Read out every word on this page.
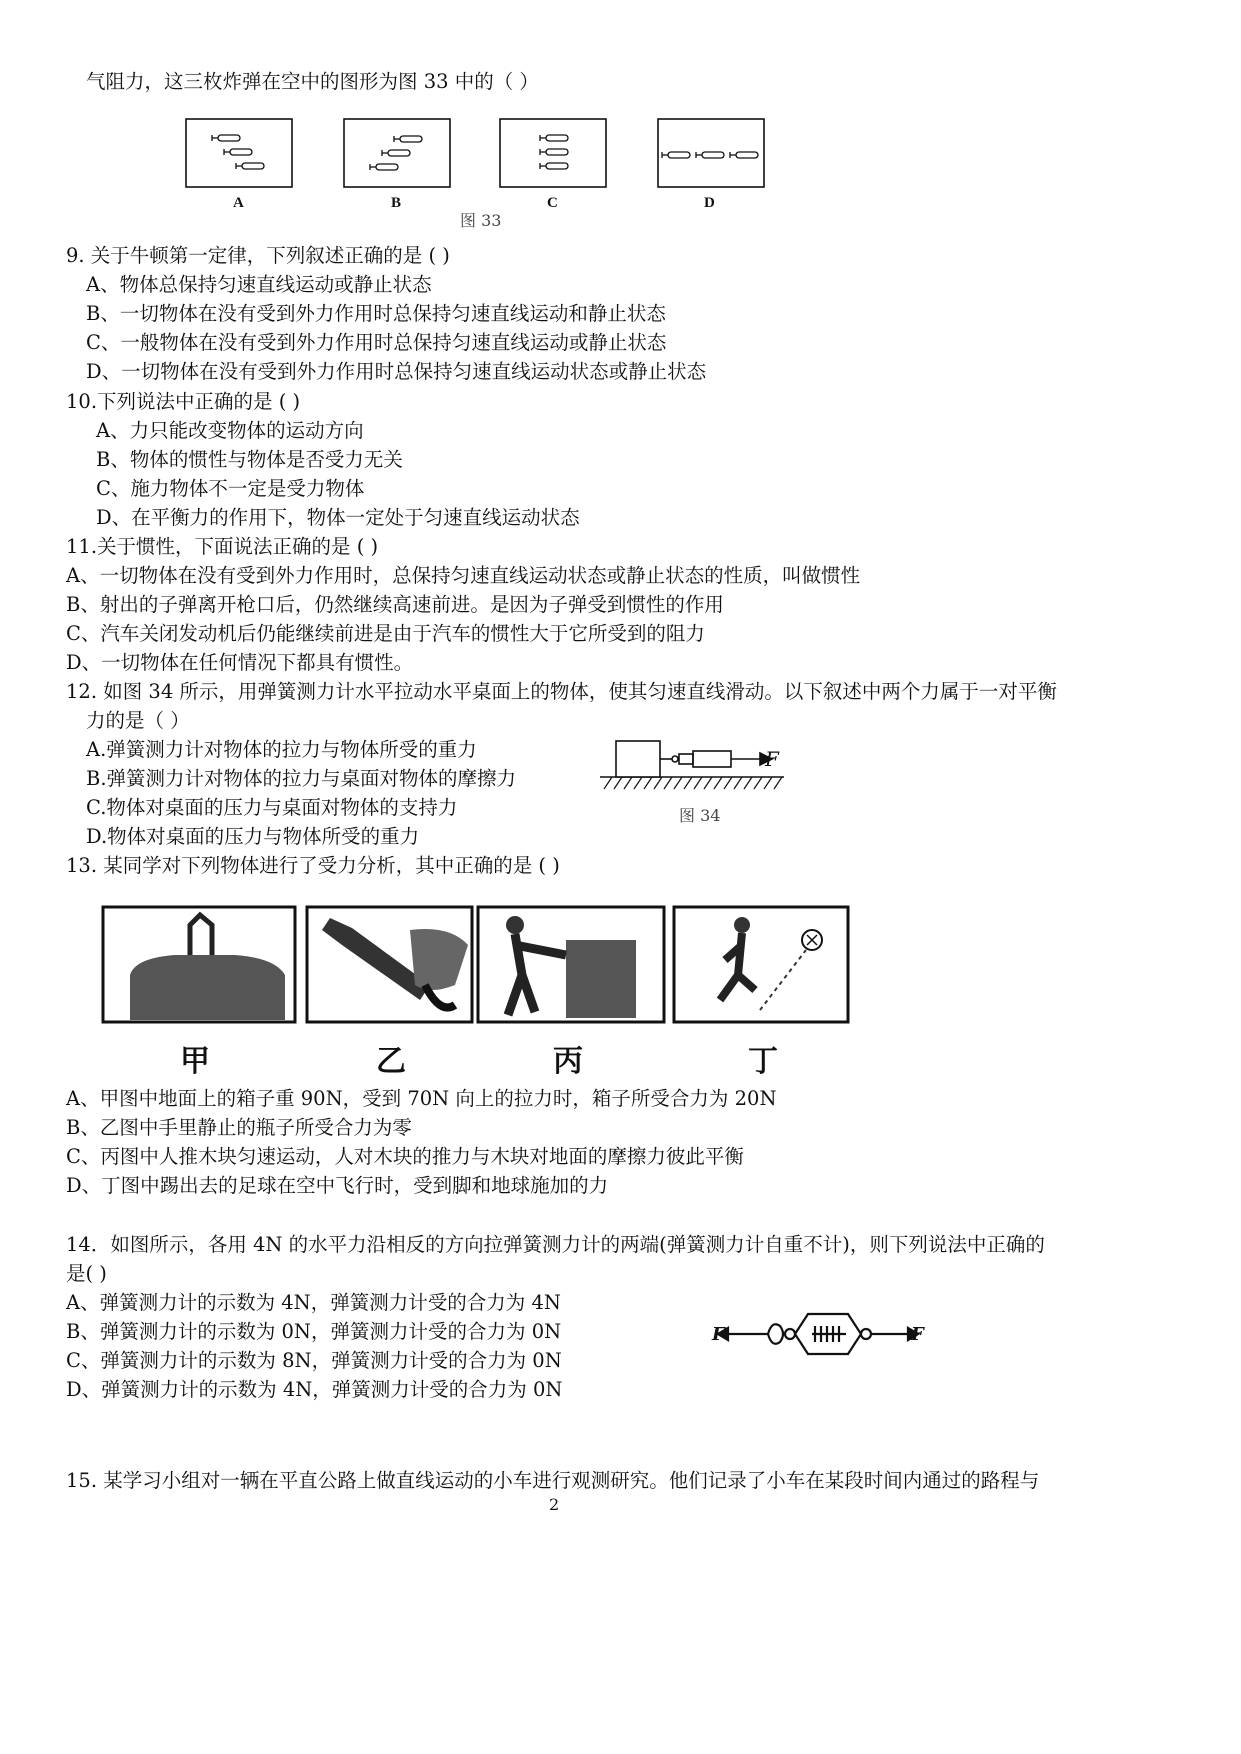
气阻力，这三枚炸弹在空中的图形为图 33 中的（ ）
A	B	C	D
图 33
9. 关于牛顿第一定律，下列叙述正确的是 ( )
A、物体总保持匀速直线运动或静止状态
B、一切物体在没有受到外力作用时总保持匀速直线运动和静止状态
C、一般物体在没有受到外力作用时总保持匀速直线运动或静止状态
D、一切物体在没有受到外力作用时总保持匀速直线运动状态或静止状态
10.下列说法中正确的是 ( )
A、力只能改变物体的运动方向
B、物体的惯性与物体是否受力无关
C、施力物体不一定是受力物体
D、在平衡力的作用下，物体一定处于匀速直线运动状态
11.关于惯性，下面说法正确的是 ( )
A、一切物体在没有受到外力作用时，总保持匀速直线运动状态或静止状态的性质，叫做惯性
B、射出的子弹离开枪口后，仍然继续高速前进。是因为子弹受到惯性的作用
C、汽车关闭发动机后仍能继续前进是由于汽车的惯性大于它所受到的阻力
D、一切物体在任何情况下都具有惯性。
12. 如图 34 所示，用弹簧测力计水平拉动水平桌面上的物体，使其匀速直线滑动。以下叙述中两个力属于一对平衡
力的是（ ）
A.弹簧测力计对物体的拉力与物体所受的重力
B.弹簧测力计对物体的拉力与桌面对物体的摩擦力
C.物体对桌面的压力与桌面对物体的支持力
D.物体对桌面的压力与物体所受的重力
F
图 34
13. 某同学对下列物体进行了受力分析，其中正确的是 ( )
甲	乙	丙	丁
A、甲图中地面上的箱子重 90N，受到 70N 向上的拉力时，箱子所受合力为 20N
B、乙图中手里静止的瓶子所受合力为零
C、丙图中人推木块匀速运动，人对木块的推力与木块对地面的摩擦力彼此平衡
D、丁图中踢出去的足球在空中飞行时，受到脚和地球施加的力
14．如图所示，各用 4N 的水平力沿相反的方向拉弹簧测力计的两端(弹簧测力计自重不计)，则下列说法中正确的
是( )
A、弹簧测力计的示数为 4N，弹簧测力计受的合力为 4N
B、弹簧测力计的示数为 0N，弹簧测力计受的合力为 0N
C、弹簧测力计的示数为 8N，弹簧测力计受的合力为 0N
D、弹簧测力计的示数为 4N，弹簧测力计受的合力为 0N
F	F
15. 某学习小组对一辆在平直公路上做直线运动的小车进行观测研究。他们记录了小车在某段时间内通过的路程与
2
